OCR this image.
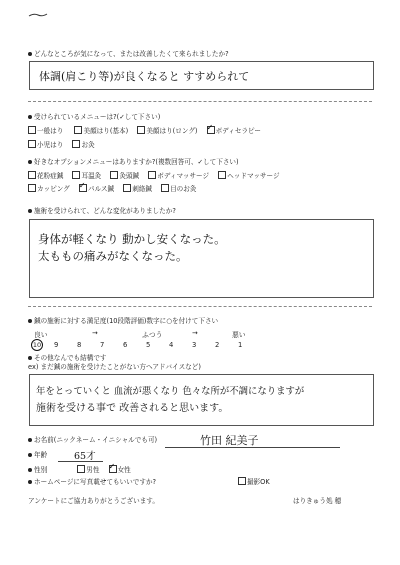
どんなところが気になって、または改善したくて来られましたか?
体調(肩こり等)が良くなると すすめられて
受けられているメニューは?(✓して下さい)
一般はり	美顔はり(基本)	美顔はり(ロング) ✓	ボディセラピー
小児はり	お灸
好きなオプションメニューはありますか?(複数回答可、✓して下さい)
花粉症鍼	耳温灸	灸頭鍼	ボディマッサージ	ヘッドマッサージ
カッピング ✓	パルス鍼	刺絡鍼	目のお灸
施術を受けられて、どんな変化がありましたか?
身体が軽くなり 動かし安くなった。
太ももの痛みがなくなった。
鍼の施術に対する満足度(10段階評価)数字に○を付けて下さい
良い	→	ふつう	→	悪い
10 9	8	7	6	5	4	3	2	1
その他なんでも結構です
ex) まだ鍼の施術を受けたことがない方へアドバイスなど)
年をとっていくと 血流が悪くなり 色々な所が不調になりますが
施術を受ける事で 改善されると思います。
お名前(ニックネーム・イニシャルでも可)	竹田 紀美子
年齢	65才
性別	男性 ✓	女性
ホームページに写真載せてもいいですか?	撮影OK
アンケートにご協力ありがとうございます。	はりきゅう処 穂
